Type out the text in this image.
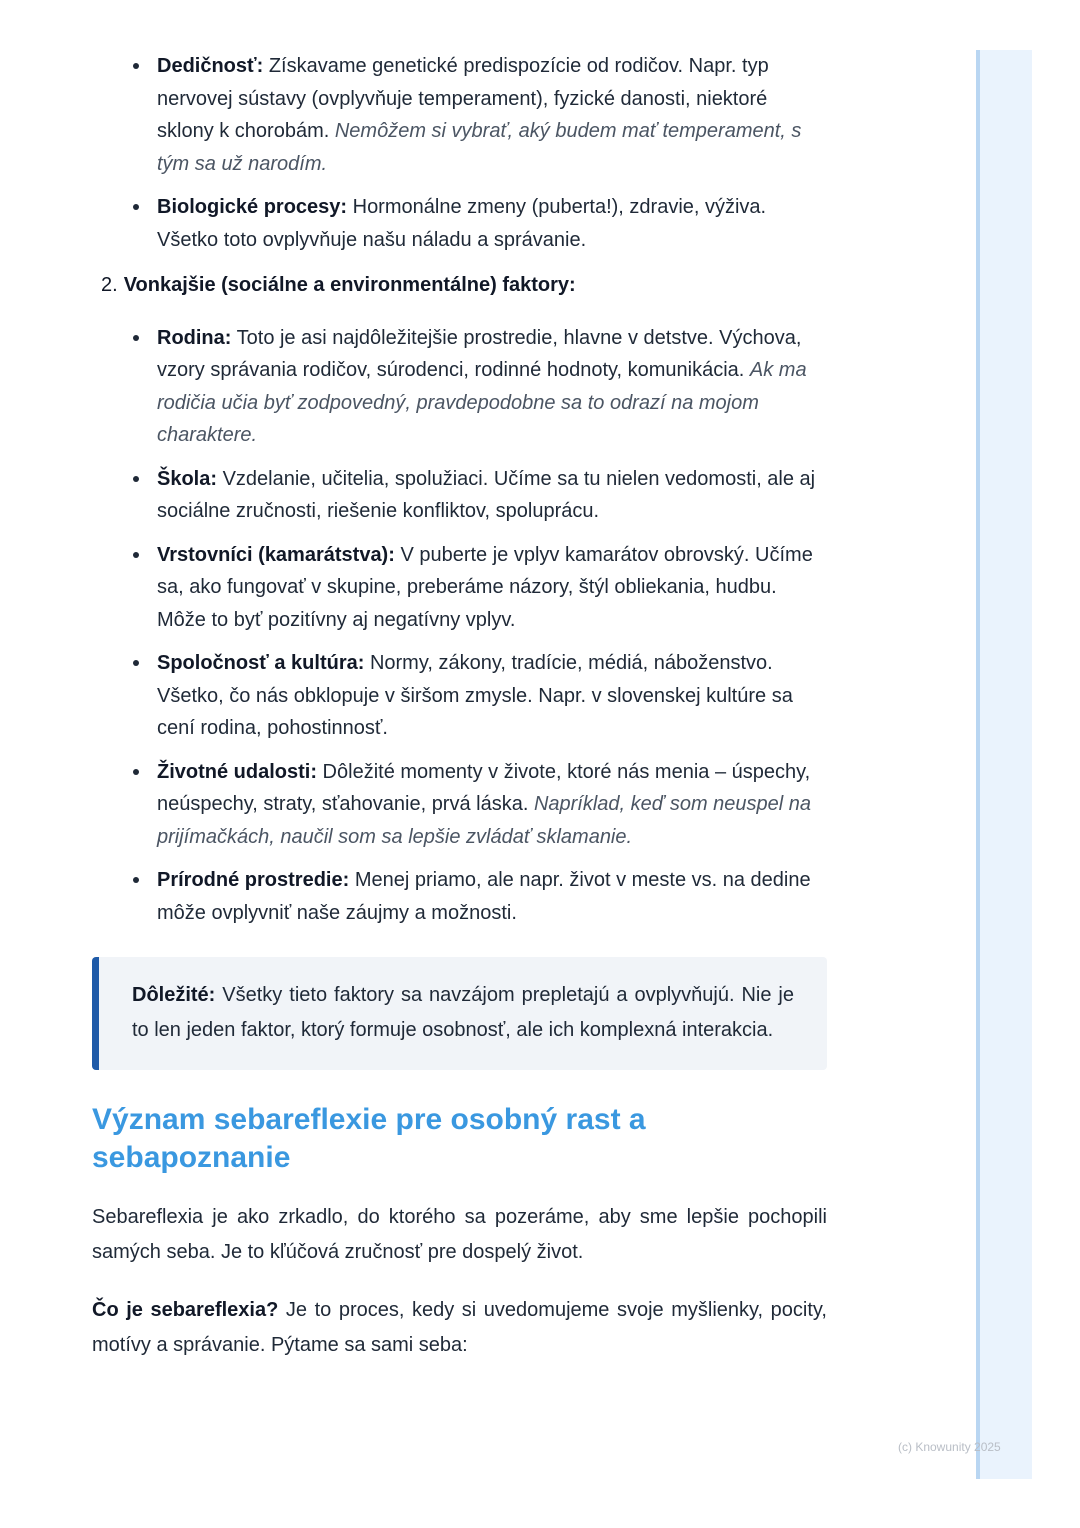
Dedičnosť: Získavame genetické predispozície od rodičov. Napr. typ nervovej sústavy (ovplyvňuje temperament), fyzické danosti, niektoré sklony k chorobám. Nemôžem si vybrať, aký budem mať temperament, s tým sa už narodím.
Biologické procesy: Hormonálne zmeny (puberta!), zdravie, výživa. Všetko toto ovplyvňuje našu náladu a správanie.
2. Vonkajšie (sociálne a environmentálne) faktory:
Rodina: Toto je asi najdôležitejšie prostredie, hlavne v detstve. Výchova, vzory správania rodičov, súrodenci, rodinné hodnoty, komunikácia. Ak ma rodičia učia byť zodpovedný, pravdepodobne sa to odrazí na mojom charaktere.
Škola: Vzdelanie, učitelia, spolužiaci. Učíme sa tu nielen vedomosti, ale aj sociálne zručnosti, riešenie konfliktov, spoluprácu.
Vrstovníci (kamarátstva): V puberte je vplyv kamarátov obrovský. Učíme sa, ako fungovať v skupine, preberáme názory, štýl obliekania, hudbu. Môže to byť pozitívny aj negatívny vplyv.
Spoločnosť a kultúra: Normy, zákony, tradície, médiá, náboženstvo. Všetko, čo nás obklopuje v širšom zmysle. Napr. v slovenskej kultúre sa cení rodina, pohostinnosť.
Životné udalosti: Dôležité momenty v živote, ktoré nás menia – úspechy, neúspechy, straty, sťahovanie, prvá láska. Napríklad, keď som neuspel na prijímačkách, naučil som sa lepšie zvládať sklamanie.
Prírodné prostredie: Menej priamo, ale napr. život v meste vs. na dedine môže ovplyvniť naše záujmy a možnosti.
Dôležité: Všetky tieto faktory sa navzájom prepletajú a ovplyvňujú. Nie je to len jeden faktor, ktorý formuje osobnosť, ale ich komplexná interakcia.
Význam sebareflexie pre osobný rast a sebapoznanie

Sebareflexia je ako zrkadlo, do ktorého sa pozeráme, aby sme lepšie pochopili samých seba. Je to kľúčová zručnosť pre dospelý život.

Čo je sebareflexia? Je to proces, kedy si uvedomujeme svoje myšlienky, pocity, motívy a správanie. Pýtame sa sami seba:

(c) Knowunity 2025
